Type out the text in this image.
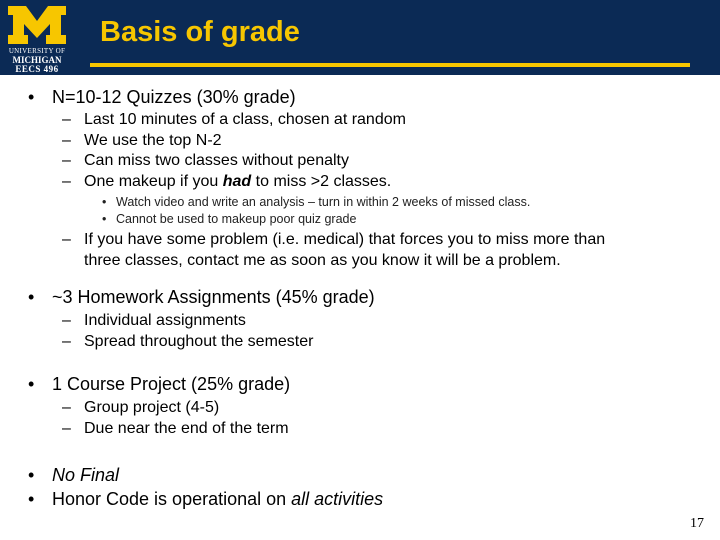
UNIVERSITY OF
MICHIGAN
EECS 496
Basis of grade
• N=10-12 Quizzes (30% grade)
– Last 10 minutes of a class, chosen at random
– We use the top N-2
– Can miss two classes without penalty
– One makeup if you had to miss >2 classes.
• Watch video and write an analysis – turn in within 2 weeks of missed class.
• Cannot be used to makeup poor quiz grade
– If you have some problem (i.e. medical) that forces you to miss more than
three classes, contact me as soon as you know it will be a problem.
• ~3 Homework Assignments (45% grade)
– Individual assignments
– Spread throughout the semester
• 1 Course Project (25% grade)
– Group project (4-5)
– Due near the end of the term
• No Final
• Honor Code is operational on all activities
17
